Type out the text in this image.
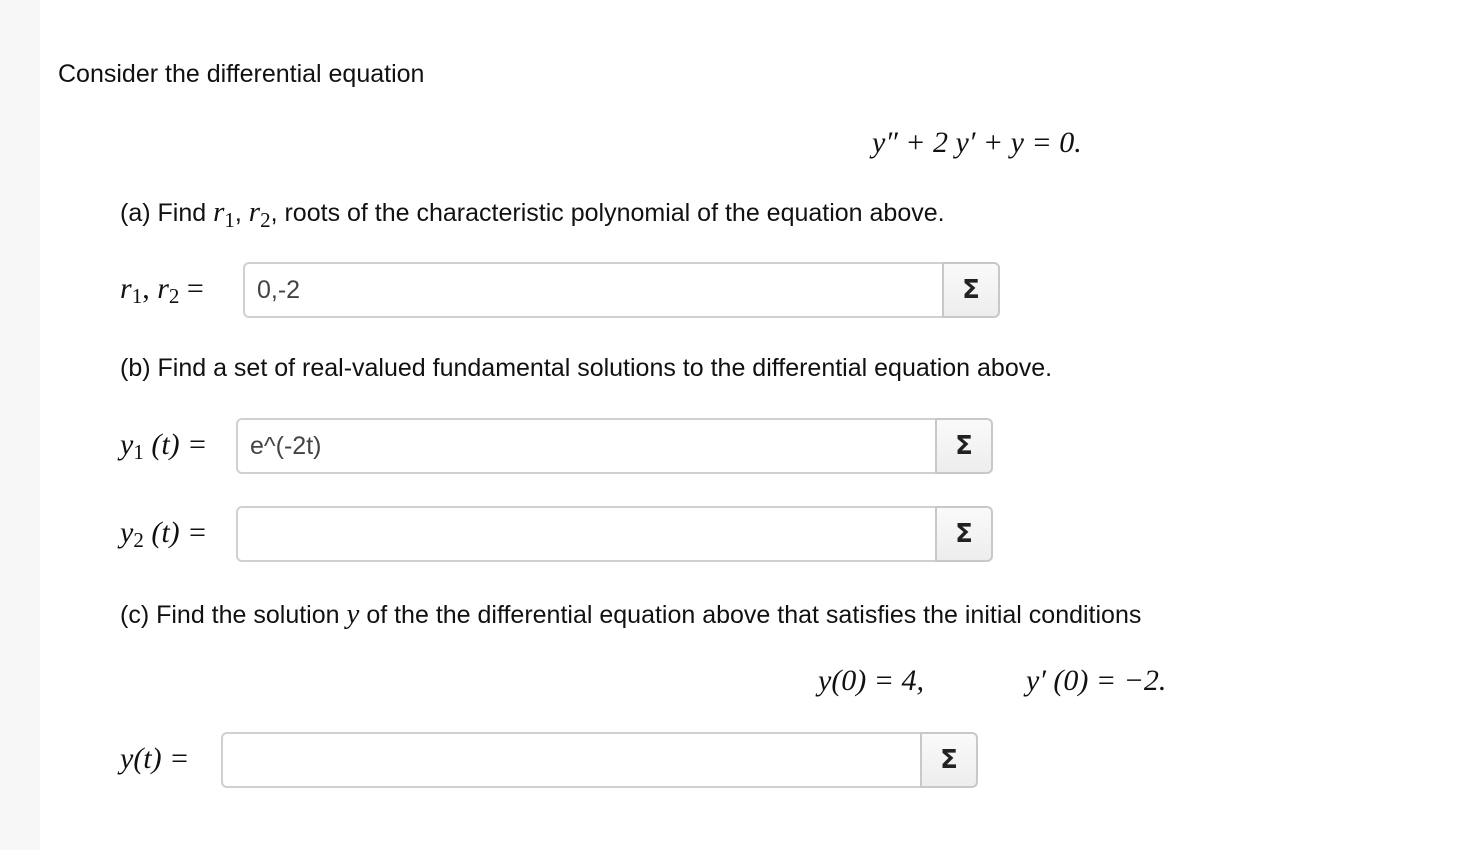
Consider the differential equation
y″ + 2 y′ + y = 0.
(a) Find $r_1$, $r_2$, roots of the characteristic polynomial of the equation above.
$r_1$, $r_2$ =
0,-2	Σ
(b) Find a set of real-valued fundamental solutions to the differential equation above.
$y_1$ (t) =
e^(-2t)	Σ
$y_2$ (t) =	Σ
(c) Find the solution y of the the differential equation above that satisfies the initial conditions
y(0) = 4,	y′ (0) = −2.
y(t) =	Σ
